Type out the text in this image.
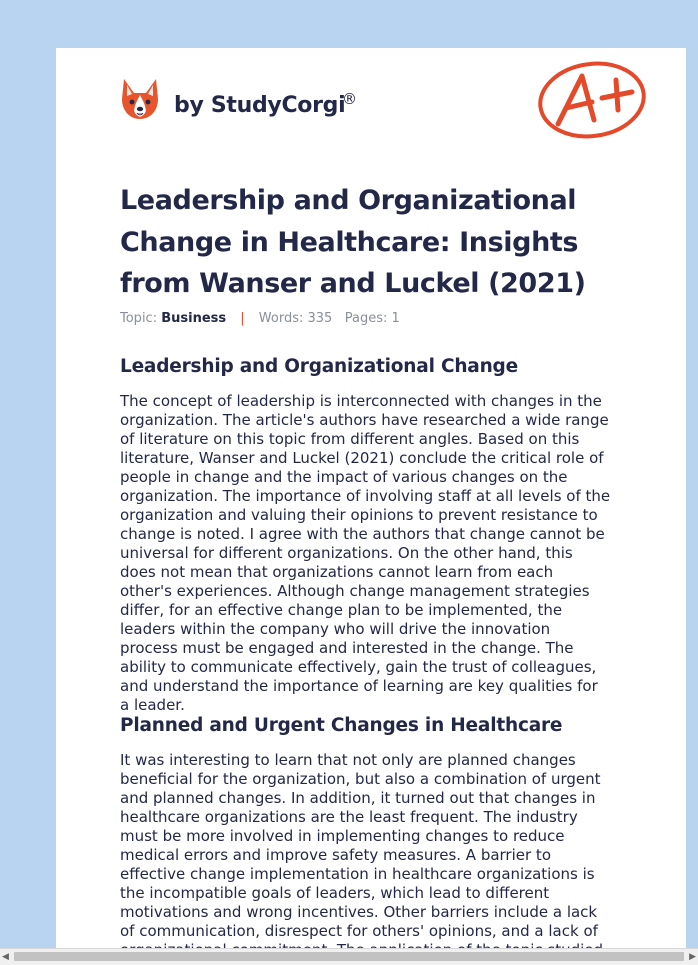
by StudyCorgi
®
A+
Leadership and Organizational
Change in Healthcare: Insights
from Wanser and Luckel (2021)
Topic: Business | Words: 335 Pages: 1
Leadership and Organizational Change
The concept of leadership is interconnected with changes in the
organization. The article's authors have researched a wide range
of literature on this topic from different angles. Based on this
literature, Wanser and Luckel (2021) conclude the critical role of
people in change and the impact of various changes on the
organization. The importance of involving staff at all levels of the
organization and valuing their opinions to prevent resistance to
change is noted. I agree with the authors that change cannot be
universal for different organizations. On the other hand, this
does not mean that organizations cannot learn from each
other's experiences. Although change management strategies
differ, for an effective change plan to be implemented, the
leaders within the company who will drive the innovation
process must be engaged and interested in the change. The
ability to communicate effectively, gain the trust of colleagues,
and understand the importance of learning are key qualities for
a leader.
Planned and Urgent Changes in Healthcare
It was interesting to learn that not only are planned changes
beneficial for the organization, but also a combination of urgent
and planned changes. In addition, it turned out that changes in
healthcare organizations are the least frequent. The industry
must be more involved in implementing changes to reduce
medical errors and improve safety measures. A barrier to
effective change implementation in healthcare organizations is
the incompatible goals of leaders, which lead to different
motivations and wrong incentives. Other barriers include a lack
of communication, disrespect for others' opinions, and a lack of
◀	▶
